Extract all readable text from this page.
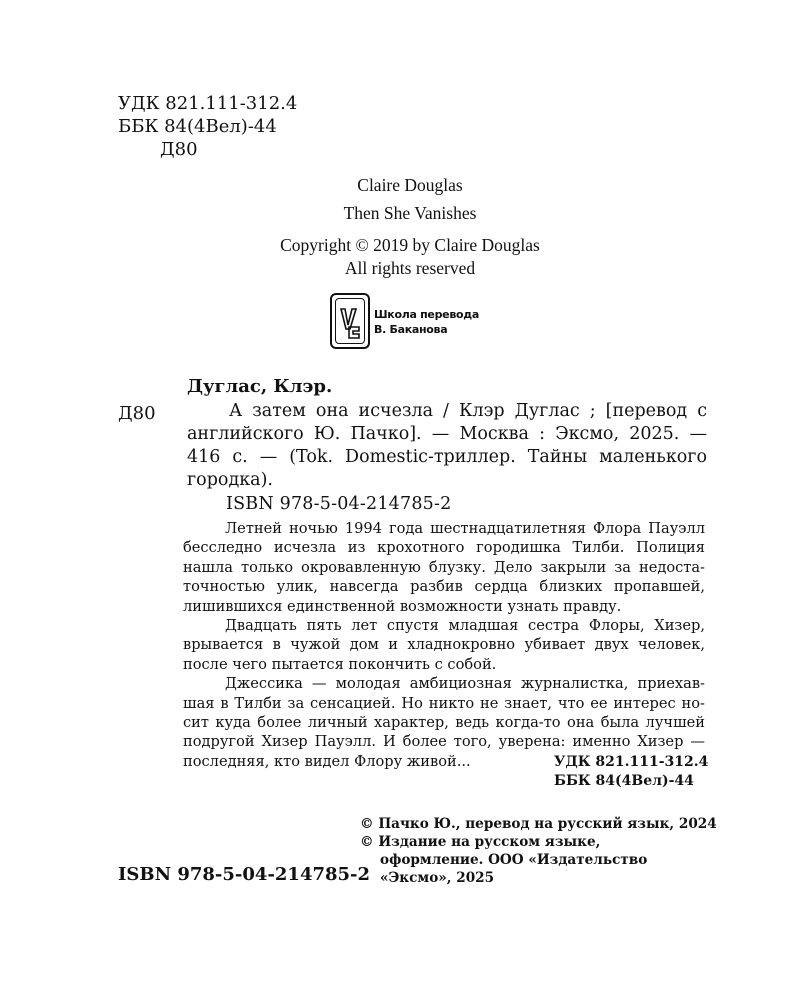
УДК 821.111-312.4
ББК 84(4Вел)-44
Д80
Claire Douglas
Then She Vanishes
Copyright © 2019 by Claire Douglas
All rights reserved
Школа перевода
В. Баканова
Дуглас, Клэр.
Д80	А затем она исчезла / Клэр Дуглас ; [перевод с
английского Ю. Пачко]. — Москва : Эксмо, 2025. —
416 с. — (Tok. Domestic-триллер. Тайны маленького
городка).
ISBN 978-5-04-214785-2
Летней ночью 1994 года шестнадцатилетняя Флора Пауэлл
бесследно исчезла из крохотного городишка Тилби. Полиция
нашла только окровавленную блузку. Дело закрыли за недоста-
точностью улик, навсегда разбив сердца близких пропавшей,
лишившихся единственной возможности узнать правду.
Двадцать пять лет спустя младшая сестра Флоры, Хизер,
врывается в чужой дом и хладнокровно убивает двух человек,
после чего пытается покончить с собой.
Джессика — молодая амбициозная журналистка, приехав-
шая в Тилби за сенсацией. Но никто не знает, что ее интерес но-
сит куда более личный характер, ведь когда-то она была лучшей
подругой Хизер Пауэлл. И более того, уверена: именно Хизер —
последняя, кто видел Флору живой...	УДК 821.111-312.4
ББК 84(4Вел)-44
© Пачко Ю., перевод на русский язык, 2024
© Издание на русском языке,
оформление. ООО «Издательство
«Эксмо», 2025
ISBN 978-5-04-214785-2
